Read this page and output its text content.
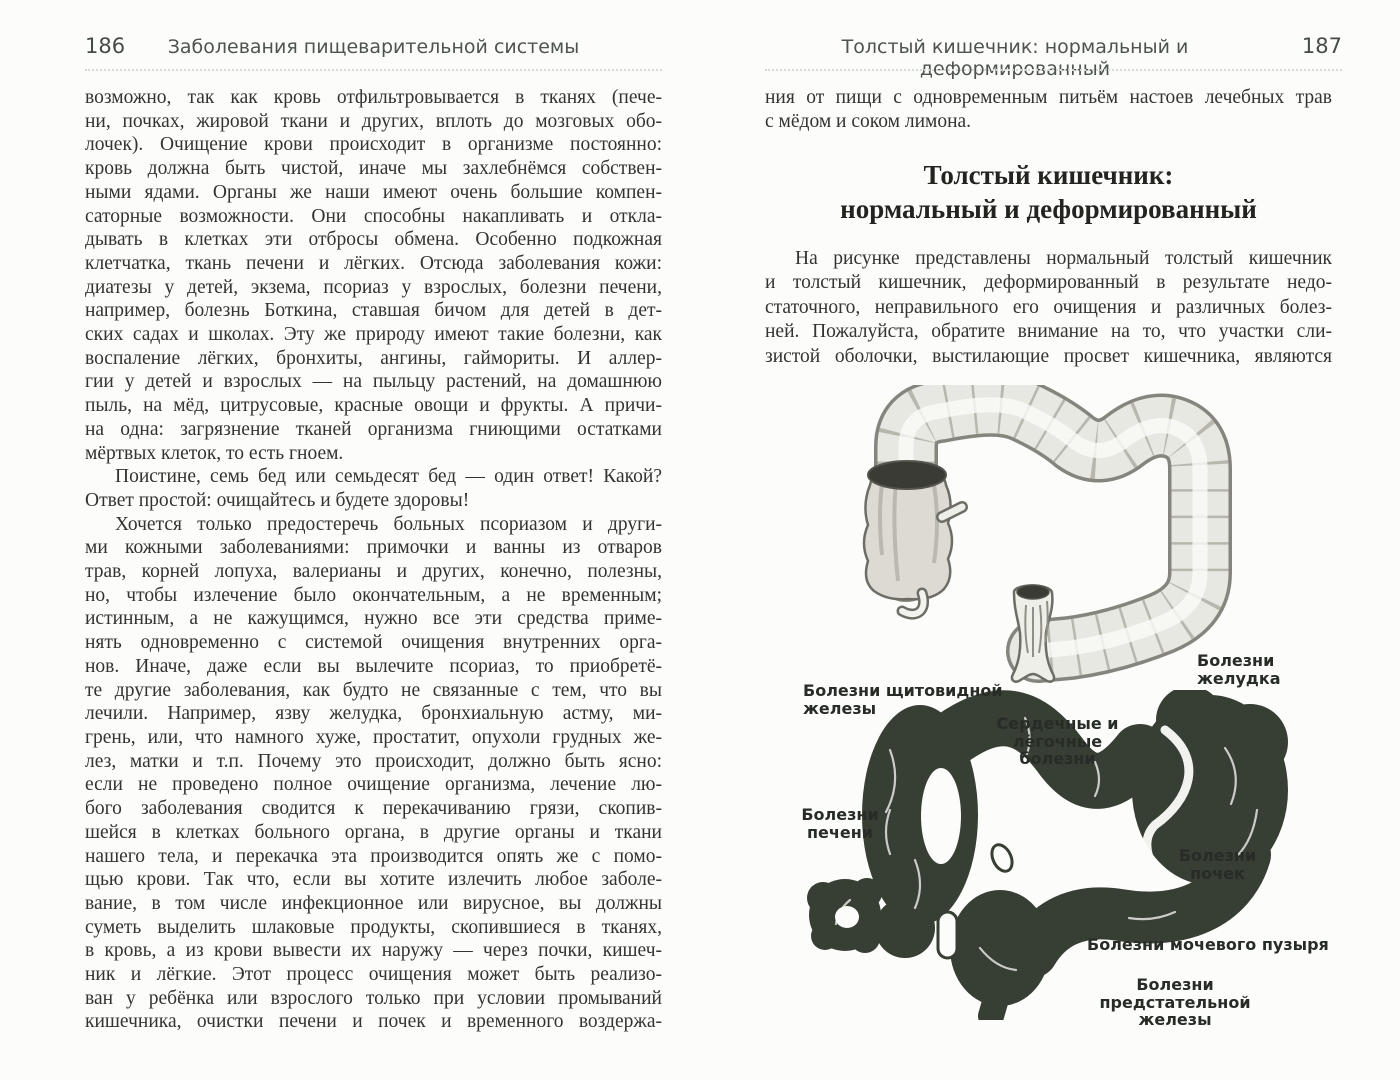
186	Заболевания пищеварительной системы
возможно, так как кровь отфильтровывается в тканях (пече-
ни, почках, жировой ткани и других, вплоть до мозговых обо-
лочек). Очищение крови происходит в организме постоянно:
кровь должна быть чистой, иначе мы захлебнёмся собствен-
ными ядами. Органы же наши имеют очень большие компен-
саторные возможности. Они способны накапливать и откла-
дывать в клетках эти отбросы обмена. Особенно подкожная
клетчатка, ткань печени и лёгких. Отсюда заболевания кожи:
диатезы у детей, экзема, псориаз у взрослых, болезни печени,
например, болезнь Боткина, ставшая бичом для детей в дет-
ских садах и школах. Эту же природу имеют такие болезни, как
воспаление лёгких, бронхиты, ангины, гаймориты. И аллер-
гии у детей и взрослых — на пыльцу растений, на домашнюю
пыль, на мёд, цитрусовые, красные овощи и фрукты. А причи-
на одна: загрязнение тканей организма гниющими остатками
мёртвых клеток, то есть гноем.
Поистине, семь бед или семьдесят бед — один ответ! Какой?
Ответ простой: очищайтесь и будете здоровы!
Хочется только предостеречь больных псориазом и други-
ми кожными заболеваниями: примочки и ванны из отваров
трав, корней лопуха, валерианы и других, конечно, полезны,
но, чтобы излечение было окончательным, а не временным;
истинным, а не кажущимся, нужно все эти средства приме-
нять одновременно с системой очищения внутренних орга-
нов. Иначе, даже если вы вылечите псориаз, то приобретё-
те другие заболевания, как будто не связанные с тем, что вы
лечили. Например, язву желудка, бронхиальную астму, ми-
грень, или, что намного хуже, простатит, опухоли грудных же-
лез, матки и т.п. Почему это происходит, должно быть ясно:
если не проведено полное очищение организма, лечение лю-
бого заболевания сводится к перекачиванию грязи, скопив-
шейся в клетках больного органа, в другие органы и ткани
нашего тела, и перекачка эта производится опять же с помо-
щью крови. Так что, если вы хотите излечить любое заболе-
вание, в том числе инфекционное или вирусное, вы должны
суметь выделить шлаковые продукты, скопившиеся в тканях,
в кровь, а из крови вывести их наружу — через почки, кишеч-
ник и лёгкие. Этот процесс очищения может быть реализо-
ван у ребёнка или взрослого только при условии промываний
кишечника, очистки печени и почек и временного воздержа-
Толстый кишечник: нормальный и деформированный
187
ния от пищи с одновременным питьём настоев лечебных трав
с мёдом и соком лимона.
Толстый кишечник:
нормальный и деформированный
На рисунке представлены нормальный толстый кишечник
и толстый кишечник, деформированный в результате недо-
статочного, неправильного его очищения и различных болез-
ней. Пожалуйста, обратите внимание на то, что участки сли-
зистой оболочки, выстилающие просвет кишечника, являются
Болезни щитовидной
железы
Болезни
желудка
Сердечные и лёгочные
болезни
Болезни
печени
Болезни
почек
Болезни мочевого пузыря
Болезни предстательной
железы
